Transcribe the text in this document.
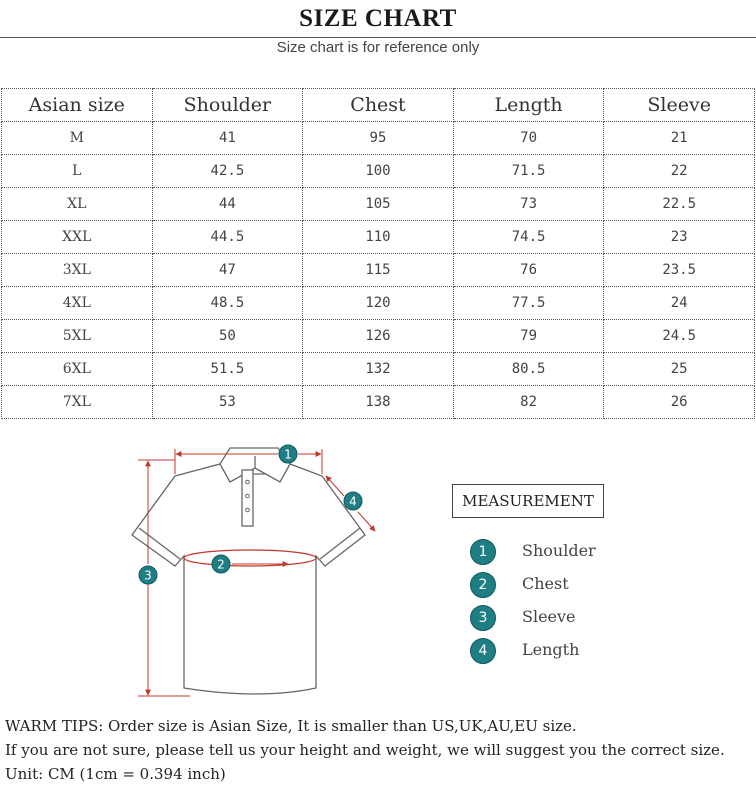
SIZE CHART
Size chart is for reference only
Asian size	Shoulder	Chest	Length	Sleeve
M	41	95	70	21
L	42.5	100	71.5	22
XL	44	105	73	22.5
XXL	44.5	110	74.5	23
3XL	47	115	76	23.5
4XL	48.5	120	77.5	24
5XL	50	126	79	24.5
6XL	51.5	132	80.5	25
7XL	53	138	82	26
1
2
3
4	MEASUREMENT
1	Shoulder
2	Chest
3	Sleeve
4	Length
WARM TIPS: Order size is Asian Size, It is smaller than US,UK,AU,EU size.
If you are not sure, please tell us your height and weight, we will suggest you the correct size.
Unit: CM (1cm = 0.394 inch)
